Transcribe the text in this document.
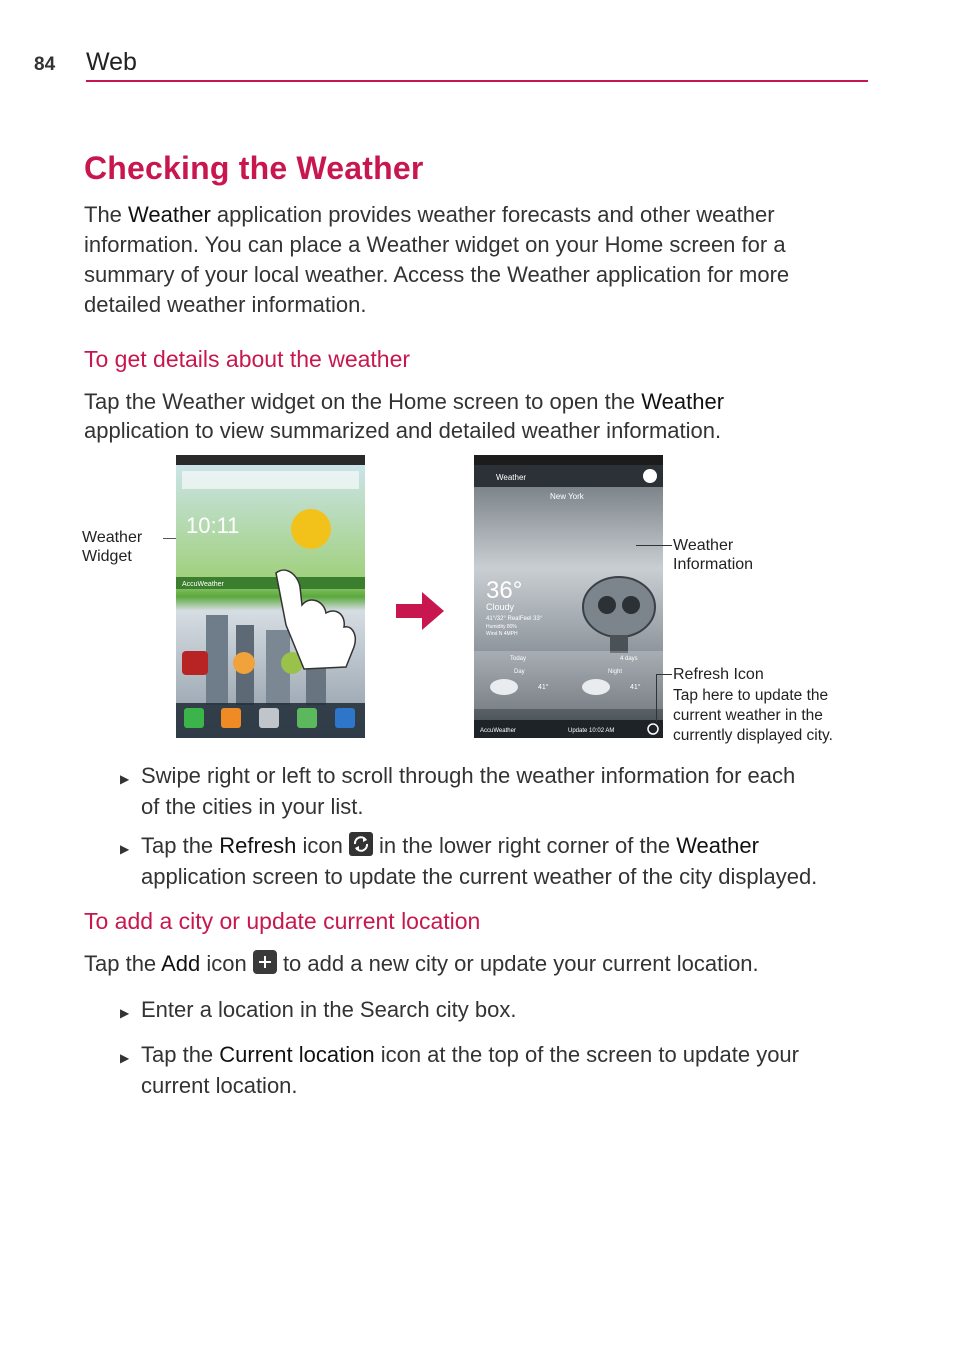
84 Web
Checking the Weather
The Weather application provides weather forecasts and other weather
information. You can place a Weather widget on your Home screen for a
summary of your local weather. Access the Weather application for more
detailed weather information.
To get details about the weather
Tap the Weather widget on the Home screen to open the Weather
application to view summarized and detailed weather information.
Weather
Widget
10:11
AccuWeather
Weather
New York
36°
Cloudy
41°/32° RealFeel 33°
Humidity 80%
Wind N 4MPH
Today	4 days
Day	Night
41°	41°
AccuWeather	Update 10:02 AM
Weather
Information
Refresh Icon
Tap here to update the
current weather in the
currently displayed city.
▶ Swipe right or left to scroll through the weather information for each
of the cities in your list.
▶ Tap the Refresh icon  in the lower right corner of the Weather
application screen to update the current weather of the city displayed.
To add a city or update current location
Tap the Add icon  to add a new city or update your current location.
▶ Enter a location in the Search city box.
▶ Tap the Current location icon at the top of the screen to update your
current location.
